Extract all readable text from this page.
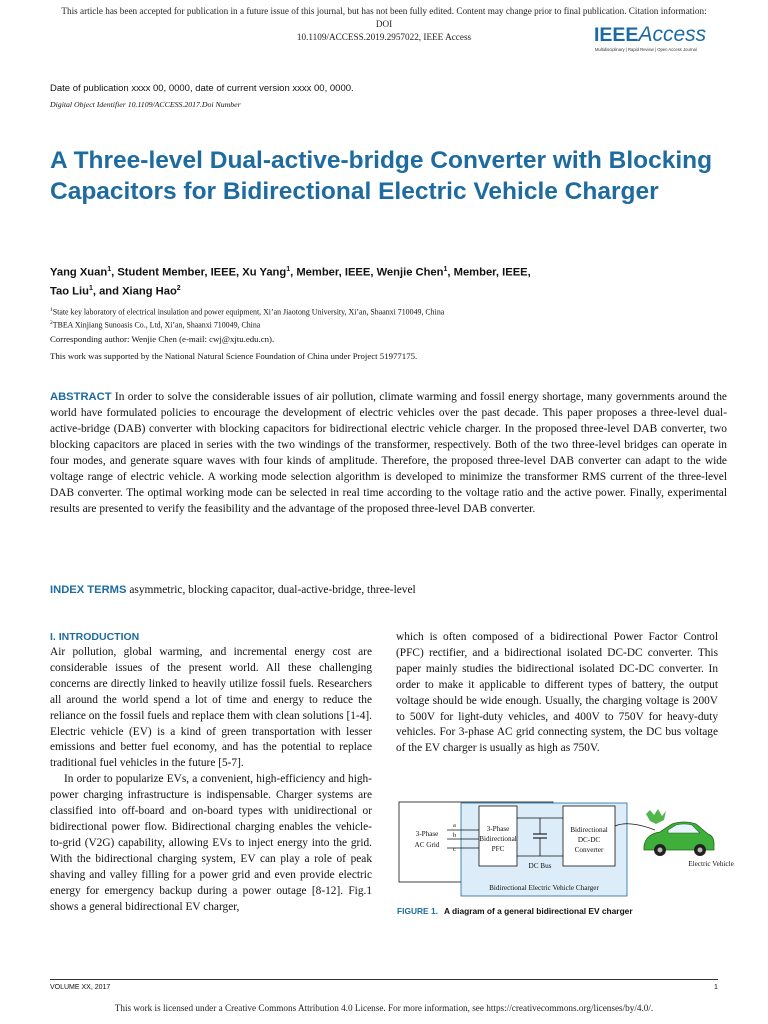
This article has been accepted for publication in a future issue of this journal, but has not been fully edited. Content may change prior to final publication. Citation information: DOI
10.1109/ACCESS.2019.2957022, IEEE Access	IEEEAccess
Multidisciplinary | Rapid Review | Open Access Journal
Date of publication xxxx 00, 0000, date of current version xxxx 00, 0000.
Digital Object Identifier 10.1109/ACCESS.2017.Doi Number
A Three-level Dual-active-bridge Converter with Blocking Capacitors for Bidirectional Electric Vehicle Charger
Yang Xuan$^1$, Student Member, IEEE, Xu Yang$^1$, Member, IEEE, Wenjie Chen$^1$, Member, IEEE,
Tao Liu$^1$, and Xiang Hao$^2$
$^1$State key laboratory of electrical insulation and power equipment, Xi’an Jiaotong University, Xi’an, Shaanxi 710049, China
$^2$TBEA Xinjiang Sunoasis Co., Ltd, Xi’an, Shaanxi 710049, China
Corresponding author: Wenjie Chen (e-mail: cwj@xjtu.edu.cn).
This work was supported by the National Natural Science Foundation of China under Project 51977175.
ABSTRACT In order to solve the considerable issues of air pollution, climate warming and fossil energy shortage, many governments around the world have formulated policies to encourage the development of electric vehicles over the past decade. This paper proposes a three-level dual-active-bridge (DAB) converter with blocking capacitors for bidirectional electric vehicle charger. In the proposed three-level DAB converter, two blocking capacitors are placed in series with the two windings of the transformer, respectively. Both of the two three-level bridges can operate in four modes, and generate square waves with four kinds of amplitude. Therefore, the proposed three-level DAB converter can adapt to the wide voltage range of electric vehicle. A working mode selection algorithm is developed to minimize the transformer RMS current of the three-level DAB converter. The optimal working mode can be selected in real time according to the voltage ratio and the active power. Finally, experimental results are presented to verify the feasibility and the advantage of the proposed three-level DAB converter.
INDEX TERMS asymmetric, blocking capacitor, dual-active-bridge, three-level
I. INTRODUCTION

Air pollution, global warming, and incremental energy cost are considerable issues of the present world. All these challenging concerns are directly linked to heavily utilize fossil fuels. Researchers all around the world spend a lot of time and energy to reduce the reliance on the fossil fuels and replace them with clean solutions [1-4]. Electric vehicle (EV) is a kind of green transportation with lesser emissions and better fuel economy, and has the potential to replace traditional fuel vehicles in the future [5-7].

In order to popularize EVs, a convenient, high-efficiency and high-power charging infrastructure is indispensable. Charger systems are classified into off-board and on-board types with unidirectional or bidirectional power flow. Bidirectional charging enables the vehicle-to-grid (V2G) capability, allowing EVs to inject energy into the grid. With the bidirectional charging system, EV can play a role of peak shaving and valley filling for a power grid and even provide electric energy for emergency backup during a power outage [8-12]. Fig.1 shows a general bidirectional EV charger,

which is often composed of a bidirectional Power Factor Control (PFC) rectifier, and a bidirectional isolated DC-DC converter. This paper mainly studies the bidirectional isolated DC-DC converter. In order to make it applicable to different types of battery, the output voltage should be wide enough. Usually, the charging voltage is 200V to 500V for light-duty vehicles, and 400V to 750V for heavy-duty vehicles. For 3-phase AC grid connecting system, the DC bus voltage of the EV charger is usually as high as 750V.

3-Phase
AC Grid
a
b
c
3-Phase
Bidirectional
PFC
DC Bus
Bidirectional
DC-DC
Converter
Electric Vehicle
Bidirectional Electric Vehicle Charger
FIGURE 1. A diagram of a general bidirectional EV charger
VOLUME XX, 2017	1
This work is licensed under a Creative Commons Attribution 4.0 License. For more information, see https://creativecommons.org/licenses/by/4.0/.
